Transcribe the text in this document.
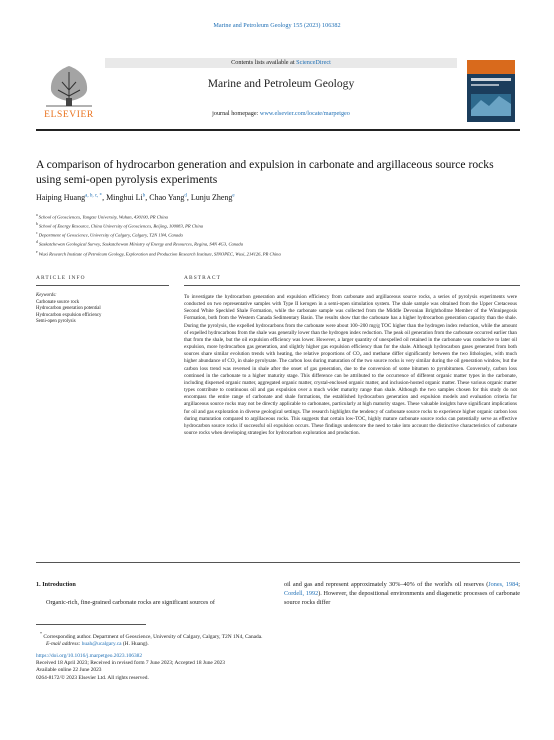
Marine and Petroleum Geology 155 (2023) 106382
ELSEVIER
Contents lists available at ScienceDirect
Marine and Petroleum Geology
journal homepage: www.elsevier.com/locate/marpetgeo
A comparison of hydrocarbon generation and expulsion in carbonate and argillaceous source rocks using semi-open pyrolysis experiments
Haiping Huang$^{a, b, c, *}$, Minghui Li$^b$, Chao Yang$^d$, Lunju Zheng$^e$
$^a$ School of Geosciences, Yangtze University, Wuhan, 430100, PR China
$^b$ School of Energy Resource, China University of Geosciences, Beijing, 100083, PR China
$^c$ Department of Geoscience, University of Calgary, Calgary, T2N 1N4, Canada
$^d$ Saskatchewan Geological Survey, Saskatchewan Ministry of Energy and Resources, Regina, S4N 4G3, Canada
$^e$ Wuxi Research Institute of Petroleum Geology, Exploration and Production Research Institute, SINOPEC, Wuxi, 214126, PR China
ARTICLE INFO	ABSTRACT
Keywords:
Carbonate source rock
Hydrocarbon generation potential
Hydrocarbon expulsion efficiency
Semi-open pyrolysis
To investigate the hydrocarbon generation and expulsion efficiency from carbonate and argillaceous source rocks, a series of pyrolysis experiments were conducted on two representative samples with Type II kerogen in a semi-open simulation system. The shale sample was obtained from the Upper Cretaceous Second White Speckled Shale Formation, while the carbonate sample was collected from the Middle Devonian Brighthollme Member of the Winnipegosis Formation, both from the Western Canada Sedimentary Basin. The results show that the carbonate has a higher hydrocarbon generation capacity than the shale. During the pyrolysis, the expelled hydrocarbons from the carbonate were about 100–200 mg/g TOC higher than the hydrogen index reduction, while the amount of expelled hydrocarbons from the shale was generally lower than the hydrogen index reduction. The peak oil generation from the carbonate occurred earlier than that from the shale, but the oil expulsion efficiency was lower. However, a larger quantity of unexpelled oil retained in the carbonate was conducive to later oil expulsion, more hydrocarbon gas generation, and slightly higher gas expulsion efficiency than for the shale. Although hydrocarbon gases generated from both sources share similar evolution trends with heating, the relative proportions of CO₂ and methane differ significantly between the two lithologies, with much higher abundance of CO₂ in shale pyrolysate. The carbon loss during maturation of the two source rocks is very similar during the oil generation window, but the carbon loss trend was reversed in shale after the onset of gas generation, due to the conversion of some bitumen to pyrobitumen. Conversely, carbon loss continued in the carbonate to a higher maturity stage. This difference can be attributed to the occurrence of different organic matter types in the carbonate, including dispersed organic matter, aggregated organic matter, crystal-enclosed organic matter, and inclusion-hosted organic matter. These various organic matter types contribute to continuous oil and gas expulsion over a much wider maturity range than shale. Although the two samples chosen for this study do not encompass the entire range of carbonate and shale formations, the established hydrocarbon generation and expulsion models and evaluation criteria for argillaceous source rocks may not be directly applicable to carbonates, particularly at high maturity stages. These valuable insights have significant implications for oil and gas exploration in diverse geological settings. The research highlights the tendency of carbonate source rocks to experience higher organic carbon loss during maturation compared to argillaceous rocks. This suggests that certain low-TOC, highly mature carbonate source rocks can potentially serve as effective hydrocarbon source rocks if successful oil expulsion occurs. These findings underscore the need to take into account the distinctive characteristics of carbonate source rocks when developing strategies for hydrocarbon exploration and production.
1. Introduction
Organic-rich, fine-grained carbonate rocks are significant sources of
oil and gas and represent approximately 30%–40% of the world's oil reserves (Jones, 1984; Cordell, 1992). However, the depositional environments and diagenetic processes of carbonate source rocks differ
* Corresponding author. Department of Geoscience, University of Calgary, Calgary, T2N 1N4, Canada.
E-mail address: huah@ucalgary.ca (H. Huang).
https://doi.org/10.1016/j.marpetgeo.2023.106382
Received 18 April 2023; Received in revised form 7 June 2023; Accepted 18 June 2023
Available online 22 June 2023
0264-8172/© 2023 Elsevier Ltd. All rights reserved.
